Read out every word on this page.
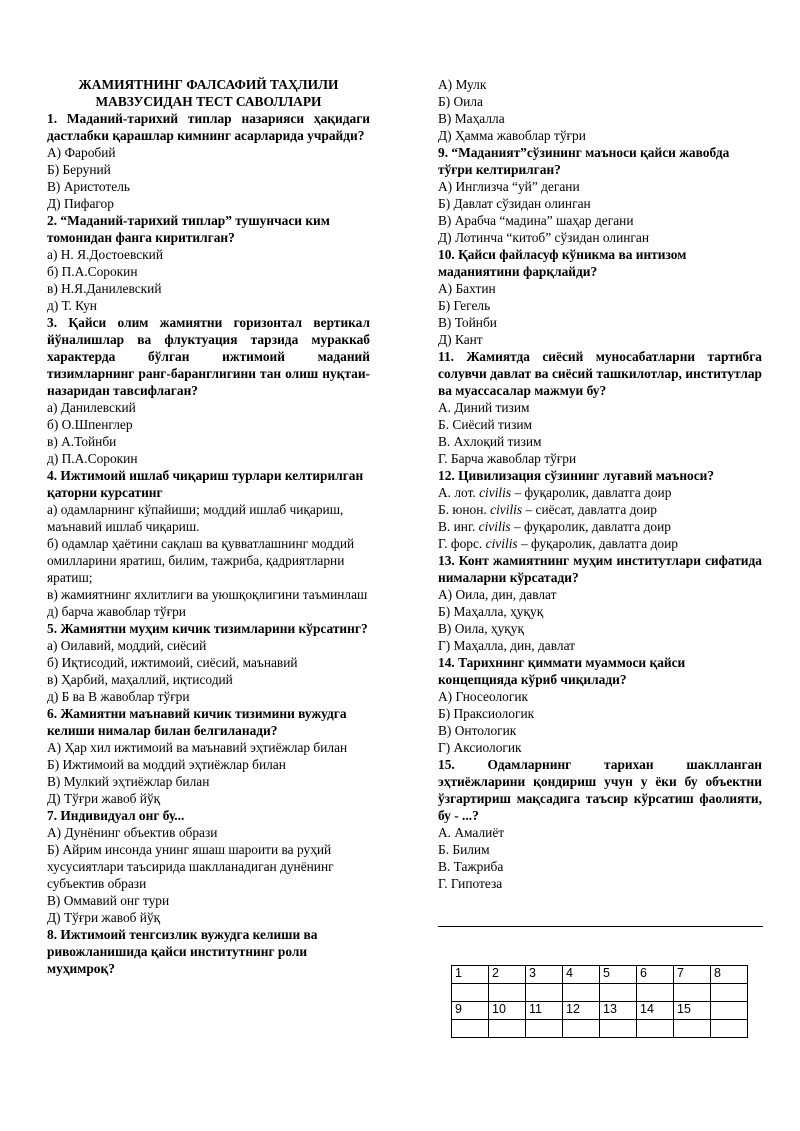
ЖАМИЯТНИНГ ФАЛСАФИЙ ТАҲЛИЛИ
МАВЗУСИДАН ТЕСТ САВОЛЛАРИ
1. Маданий-тарихий типлар назарияси ҳақидаги дастлабки қарашлар кимнинг асарларида учрайди?
А) Фаробий
Б) Беруний
В) Аристотель
Д) Пифагор
2. “Маданий-тарихий типлар” тушунчаси ким томонидан фанга киритилган?
а) Н. Я.Достоевский
б) П.А.Сорокин
в) Н.Я.Данилевский
д) Т. Кун
3. Қайси олим жамиятни горизонтал вертикал йўналишлар ва флуктуация тарзида мураккаб характерда бўлган ижтимоий маданий тизимларнинг ранг-баранглигини тан олиш нуқтаи-назаридан тавсифлаган?
а) Данилевский
б) О.Шпенглер
в) А.Тойнби
д) П.А.Сорокин
4. Ижтимоий ишлаб чиқариш турлари келтирилган қаторни курсатинг
а) одамларнинг кўпайиши; моддий ишлаб чиқариш, маънавий ишлаб чиқариш.
б) одамлар ҳаётини сақлаш ва қувватлашнинг моддий омилларини яратиш, билим, тажриба, қадриятларни яратиш;
в) жамиятнинг яхлитлиги ва уюшқоқлигини таъминлаш
д) барча жавоблар тўғри
5. Жамиятни муҳим кичик тизимларини кўрсатинг?
а) Оилавий, моддий, сиёсий
б) Иқтисодий, ижтимоий, сиёсий, маънавий
в) Ҳарбий, маҳаллий, иқтисодий
д) Б ва В жавоблар тўғри
6. Жамиятни маънавий кичик тизимини вужудга келиши нималар билан белгиланади?
А) Ҳар хил ижтимоий ва маънавий эҳтиёжлар билан
Б) Ижтимоий ва моддий эҳтиёжлар билан
В) Мулкий эҳтиёжлар билан
Д) Тўғри жавоб йўқ
7. Индивидуал онг бу...
А) Дунёнинг объектив образи
Б) Айрим инсонда унинг яшаш шароити ва руҳий хусусиятлари таъсирида шаклланадиган дунёнинг субъектив образи
В) Оммавий онг тури
Д) Тўғри жавоб йўқ
8. Ижтимоий тенгсизлик вужудга келиши ва ривожланишида қайси институтнинг роли муҳимроқ?
А) Мулк
Б) Оила
В) Маҳалла
Д) Ҳамма жавоблар тўғри
9. “Маданият”сўзининг маъноси қайси жавобда тўғри келтирилган?
А) Инглизча “уй” дегани
Б) Давлат сўзидан олинган
В) Арабча “мадина” шаҳар дегани
Д) Лотинча “китоб” сўзидан олинган
10. Қайси файласуф кўникма ва интизом маданиятини фарқлайди?
А) Бахтин
Б) Гегель
В) Тойнби
Д) Кант
11. Жамиятда сиёсий муносабатларни тартибга солувчи давлат ва сиёсий ташкилотлар, институтлар ва муассасалар мажмуи бу?
А. Диний тизим
Б. Сиёсий тизим
В. Ахлоқий тизим
Г. Барча жавоблар тўғри
12. Цивилизация сўзининг луғавий маъноси?
А. лот. civilis – фуқаролик, давлатга доир
Б. юнон. civilis – сиёсат, давлатга доир
В. инг. civilis – фуқаролик, давлатга доир
Г. форс. civilis – фуқаролик, давлатга доир
13. Конт жамиятнинг муҳим институтлари сифатида нималарни кўрсатади?
А) Оила, дин, давлат
Б) Маҳалла, ҳуқуқ
В) Оила, ҳуқуқ
Г) Маҳалла, дин, давлат
14. Тарихнинг қиммати муаммоси қайси концепцияда кўриб чиқилади?
А) Гносеологик
Б) Праксиологик
В) Онтологик
Г) Аксиологик
15. Одамларнинг тарихан шаклланган эҳтиёжларини қондириш учун у ёки бу объектни ўзгартириш мақсадига таъсир кўрсатиш фаолияти, бу - ...?
А. Амалиёт
Б. Билим
В. Тажриба
Г. Гипотеза
1	2	3	4	5	6	7	8

9	10	11	12	13	14	15	
